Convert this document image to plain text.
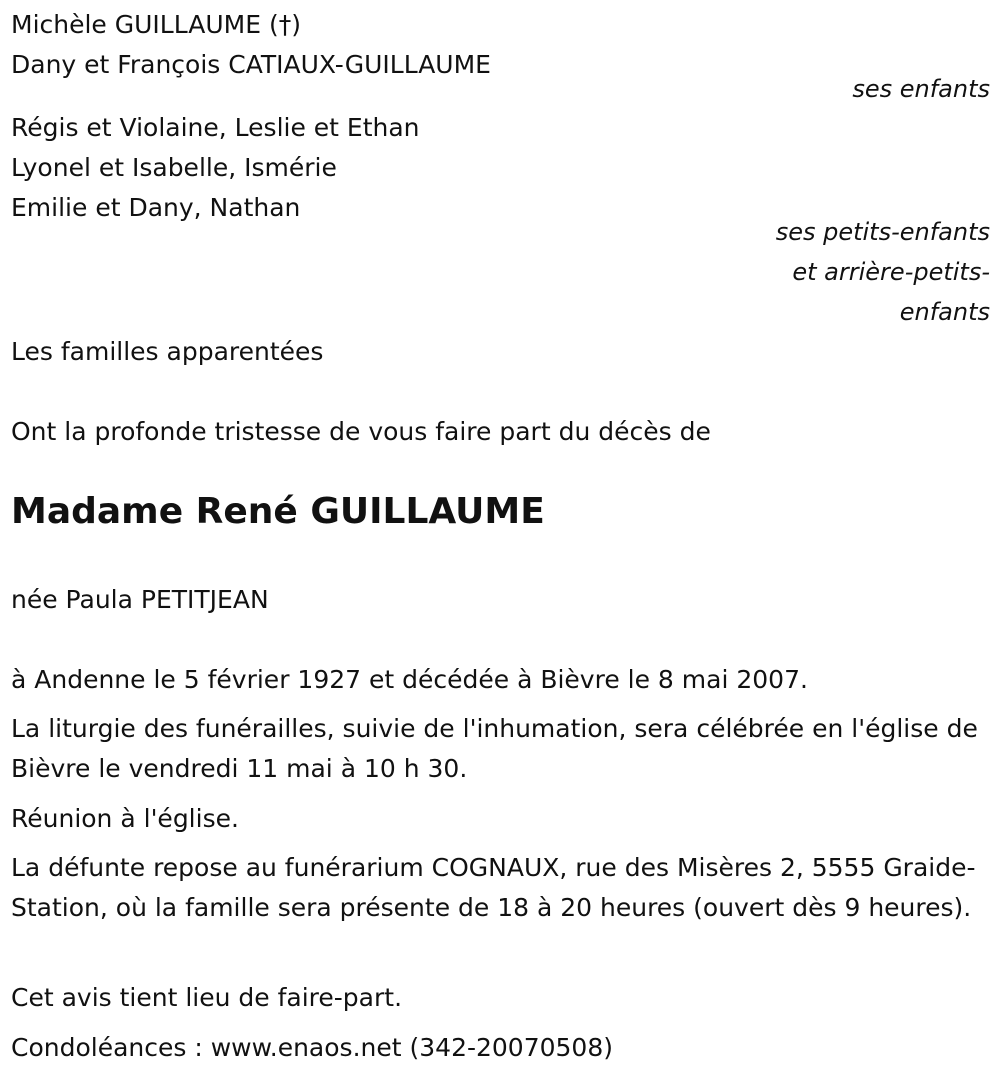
Michèle GUILLAUME (†)
Dany et François CATIAUX-GUILLAUME
ses enfants
Régis et Violaine, Leslie et Ethan
Lyonel et Isabelle, Ismérie
Emilie et Dany, Nathan
ses petits-enfants
et arrière-petits-
enfants
Les familles apparentées
Ont la profonde tristesse de vous faire part du décès de
Madame René GUILLAUME
née Paula PETITJEAN
à Andenne le 5 février 1927 et décédée à Bièvre le 8 mai 2007.
La liturgie des funérailles, suivie de l'inhumation, sera célébrée en l'église de Bièvre le vendredi 11 mai à 10 h 30.
Réunion à l'église.
La défunte repose au funérarium COGNAUX, rue des Misères 2, 5555 Graide-Station, où la famille sera présente de 18 à 20 heures (ouvert dès 9 heures).
Cet avis tient lieu de faire-part.
Condoléances : www.enaos.net (342-20070508)
